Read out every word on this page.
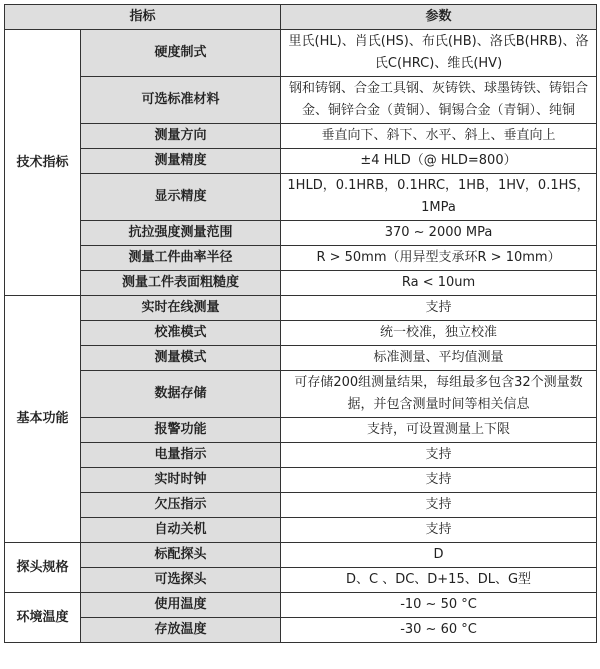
指标		参数
技术指标	硬度制式	里氏(HL)、肖氏(HS)、布氏(HB)、洛氏B(HRB)、洛氏C(HRC)、维氏(HV)
	可选标准材料	钢和铸钢、合金工具钢、灰铸铁、球墨铸铁、铸铝合金、铜锌合金（黄铜）、铜锡合金（青铜）、纯铜
	测量方向	垂直向下、斜下、水平、斜上、垂直向上
	测量精度	±4 HLD（@ HLD=800）
	显示精度	1HLD，0.1HRB，0.1HRC，1HB，1HV，0.1HS，1MPa
	抗拉强度测量范围	370 ~ 2000 MPa
	测量工件曲率半径	R > 50mm（用异型支承环R > 10mm）
	测量工件表面粗糙度	Ra < 10um
基本功能	实时在线测量	支持
	校准模式	统一校准，独立校准
	测量模式	标准测量、平均值测量
	数据存储	可存储200组测量结果，每组最多包含32个测量数据，并包含测量时间等相关信息
	报警功能	支持，可设置测量上下限
	电量指示	支持
	实时时钟	支持
	欠压指示	支持
	自动关机	支持
探头规格	标配探头	D
	可选探头	D、C 、DC、D+15、DL、G型
环境温度	使用温度	-10 ~ 50 °C
	存放温度	-30 ~ 60 °C
